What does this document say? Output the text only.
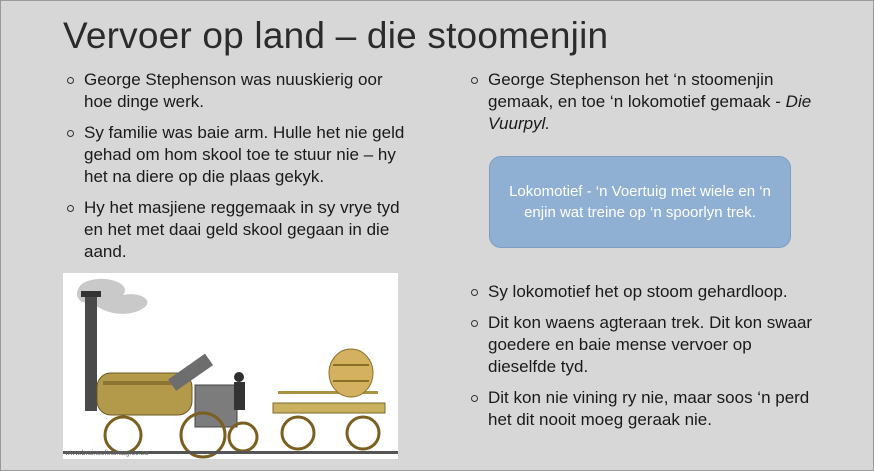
Vervoer op land – die stoomenjin

George Stephenson was nuuskierig oor hoe dinge werk.

Sy familie was baie arm. Hulle het nie geld gehad om hom skool toe te stuur nie – hy het na diere op die plaas gekyk.

Hy het masjiene reggemaak in sy vrye tyd en het met daai geld skool gegaan in die aand.

George Stephenson het ‘n stoomenjin gemaak, en toe ‘n lokomotief gemaak - Die Vuurpyl.

Lokomotief - ‘n Voertuig met wiele en ‘n enjin wat treine op ‘n spoorlyn trek.

Sy lokomotief het op stoom gehardloop.

Dit kon waens agteraan trek. Dit kon swaar goedere en baie mense vervoer op dieselfde tyd.

Dit kon nie vining ry nie, maar soos ‘n perd het dit nooit moeg geraak nie.

www.brainsoftraining.co.za
